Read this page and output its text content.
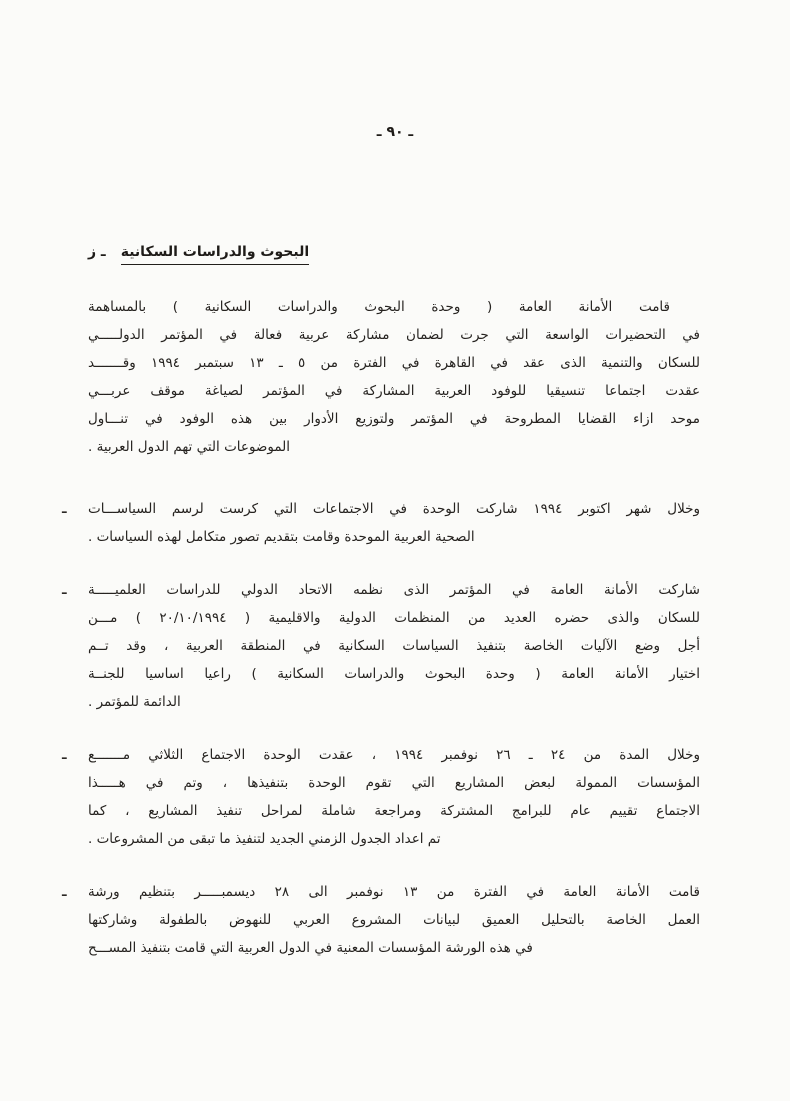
ـ ٩٠ ـ
ز ـ البحوث والدراسات السكانية
قامت الأمانة العامة ( وحدة البحوث والدراسات السكانية ) بالمساهمة
في التحضيرات الواسعة التي جرت لضمان مشاركة عربية فعالة في المؤتمر الدولـــــي
للسكان والتنمية الذى عقد في القاهرة في الفترة من ٥ ـ ١٣ سبتمبر ١٩٩٤ وقـــــــد
عقدت اجتماعا تنسيقيا للوفود العربية المشاركة في المؤتمر لصياغة موقف عربـــي
موحد ازاء القضايا المطروحة في المؤتمر ولتوزيع الأدوار بين هذه الوفود في تنـــاول
الموضوعات التي تهم الدول العربية .
ـ وخلال شهر اكتوبر ١٩٩٤ شاركت الوحدة في الاجتماعات التي كرست لرسم السياســـات
الصحية العربية الموحدة وقامت بتقديم تصور متكامل لهذه السياسات .
ـ شاركت الأمانة العامة في المؤتمر الذى نظمه الاتحاد الدولي للدراسات العلميـــــة
للسكان والذى حضره العديد من المنظمات الدولية والاقليمية ( ٢٠/١٠/١٩٩٤ ) مـــن
أجل وضع الآليات الخاصة بتنفيذ السياسات السكانية في المنطقة العربية ، وقد تــم
اختيار الأمانة العامة ( وحدة البحوث والدراسات السكانية ) راعيا اساسيا للجنــة
الدائمة للمؤتمر .
ـ وخلال المدة من ٢٤ ـ ٢٦ نوفمبر ١٩٩٤ ، عقدت الوحدة الاجتماع الثلاثي مـــــــع
المؤسسات الممولة لبعض المشاريع التي تقوم الوحدة بتنفيذها ، وتم في هـــــذا
الاجتماع تقييم عام للبرامج المشتركة ومراجعة شاملة لمراحل تنفيذ المشاريع ، كما
تم اعداد الجدول الزمني الجديد لتنفيذ ما تبقى من المشروعات .
ـ قامت الأمانة العامة في الفترة من ١٣ نوفمبر الى ٢٨ ديسمبـــــر بتنظيم ورشة
العمل الخاصة بالتحليل العميق لبيانات المشروع العربي للنهوض بالطفولة وشاركتها
في هذه الورشة المؤسسات المعنية في الدول العربية التي قامت بتنفيذ المســـح
